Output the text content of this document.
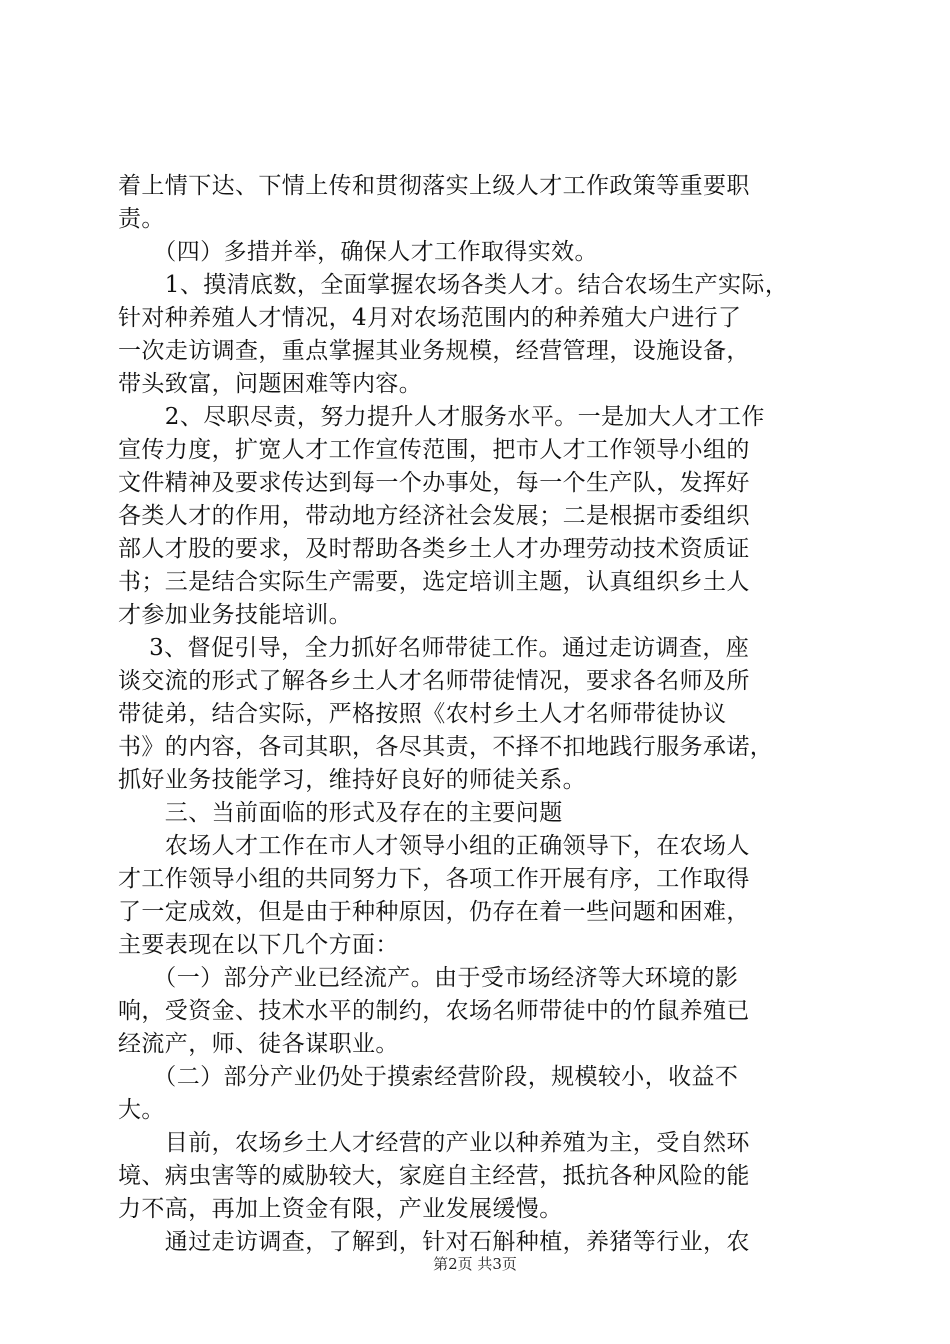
着上情下达、下情上传和贯彻落实上级人才工作政策等重要职
责。
　　（四）多措并举，确保人才工作取得实效。
　　1、摸清底数，全面掌握农场各类人才。结合农场生产实际，
针对种养殖人才情况，4月对农场范围内的种养殖大户进行了
一次走访调查，重点掌握其业务规模，经营管理，设施设备，
带头致富，问题困难等内容。
　　2、尽职尽责，努力提升人才服务水平。一是加大人才工作
宣传力度，扩宽人才工作宣传范围，把市人才工作领导小组的
文件精神及要求传达到每一个办事处，每一个生产队，发挥好
各类人才的作用，带动地方经济社会发展；二是根据市委组织
部人才股的要求，及时帮助各类乡土人才办理劳动技术资质证
书；三是结合实际生产需要，选定培训主题，认真组织乡土人
才参加业务技能培训。
　 3、督促引导，全力抓好名师带徒工作。通过走访调查，座
谈交流的形式了解各乡土人才名师带徒情况，要求各名师及所
带徒弟，结合实际，严格按照《农村乡土人才名师带徒协议
书》的内容，各司其职，各尽其责，不择不扣地践行服务承诺，
抓好业务技能学习，维持好良好的师徒关系。
　　三、当前面临的形式及存在的主要问题
　　农场人才工作在市人才领导小组的正确领导下，在农场人
才工作领导小组的共同努力下，各项工作开展有序，工作取得
了一定成效，但是由于种种原因，仍存在着一些问题和困难，
主要表现在以下几个方面：
　　（一）部分产业已经流产。由于受市场经济等大环境的影
响，受资金、技术水平的制约，农场名师带徒中的竹鼠养殖已
经流产，师、徒各谋职业。
　　（二）部分产业仍处于摸索经营阶段，规模较小，收益不
大。
　　目前，农场乡土人才经营的产业以种养殖为主，受自然环
境、病虫害等的威胁较大，家庭自主经营，抵抗各种风险的能
力不高，再加上资金有限，产业发展缓慢。
　　通过走访调查，了解到，针对石斛种植，养猪等行业，农
第2页 共3页
